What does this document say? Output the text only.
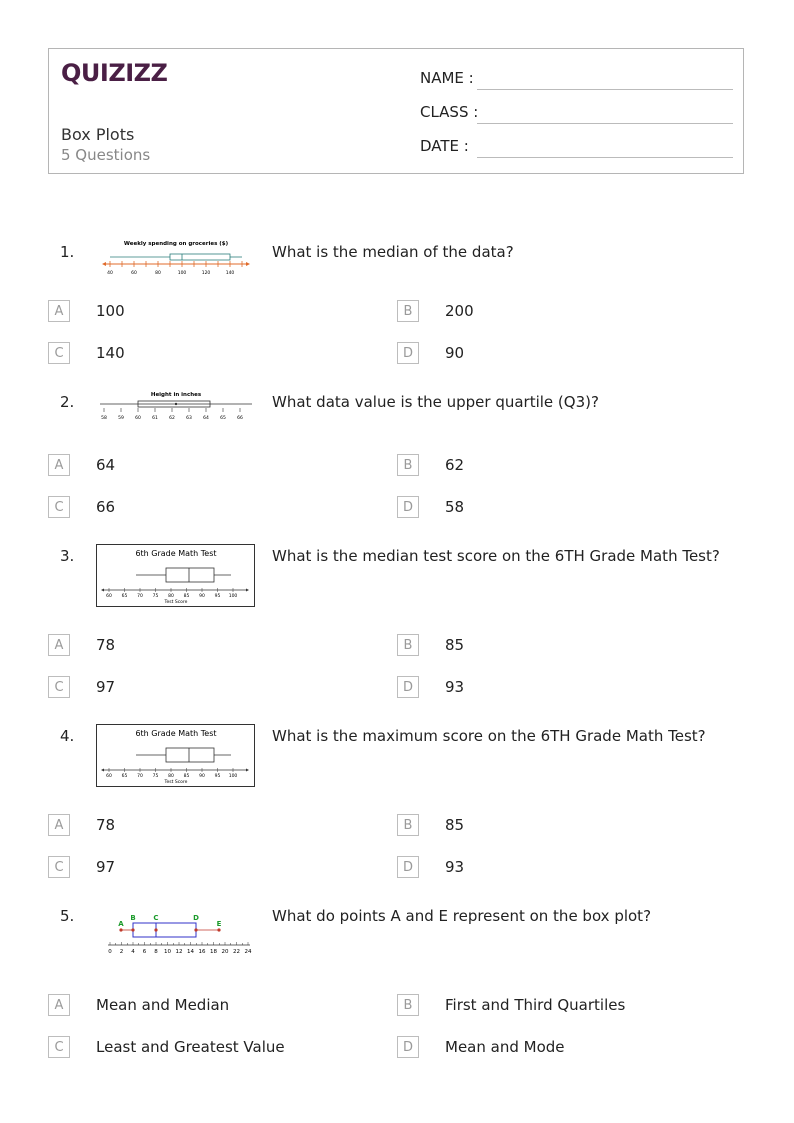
QUIZIZZ
Box Plots
5 Questions
NAME :
CLASS :
DATE :
1.	What is the median of the data?
Weekly spending on groceries ($)
40	60	80	100	120	140
A	100	B	200
C	140	D	90
2.	What data value is the upper quartile (Q3)?
Height in inches
58	59	60	61	62	63	64	65	66
A	64	B	62
C	66	D	58
3.	What is the median test score on the 6TH Grade Math Test?
6th Grade Math Test
60 65 70 75 80 85 90 95 100
Test Score
A	78	B	85
C	97	D	93
4.	What is the maximum score on the 6TH Grade Math Test?
6th Grade Math Test
60 65 70 75 80 85 90 95 100
Test Score
A	78	B	85
C	97	D	93
5.	What do points A and E represent on the box plot?
A
B	C	D
E
0 2 4 6 8 10 12 14 16 18 20 22 24
A	Mean and Median	B	First and Third Quartiles
C	Least and Greatest Value	D	Mean and Mode
